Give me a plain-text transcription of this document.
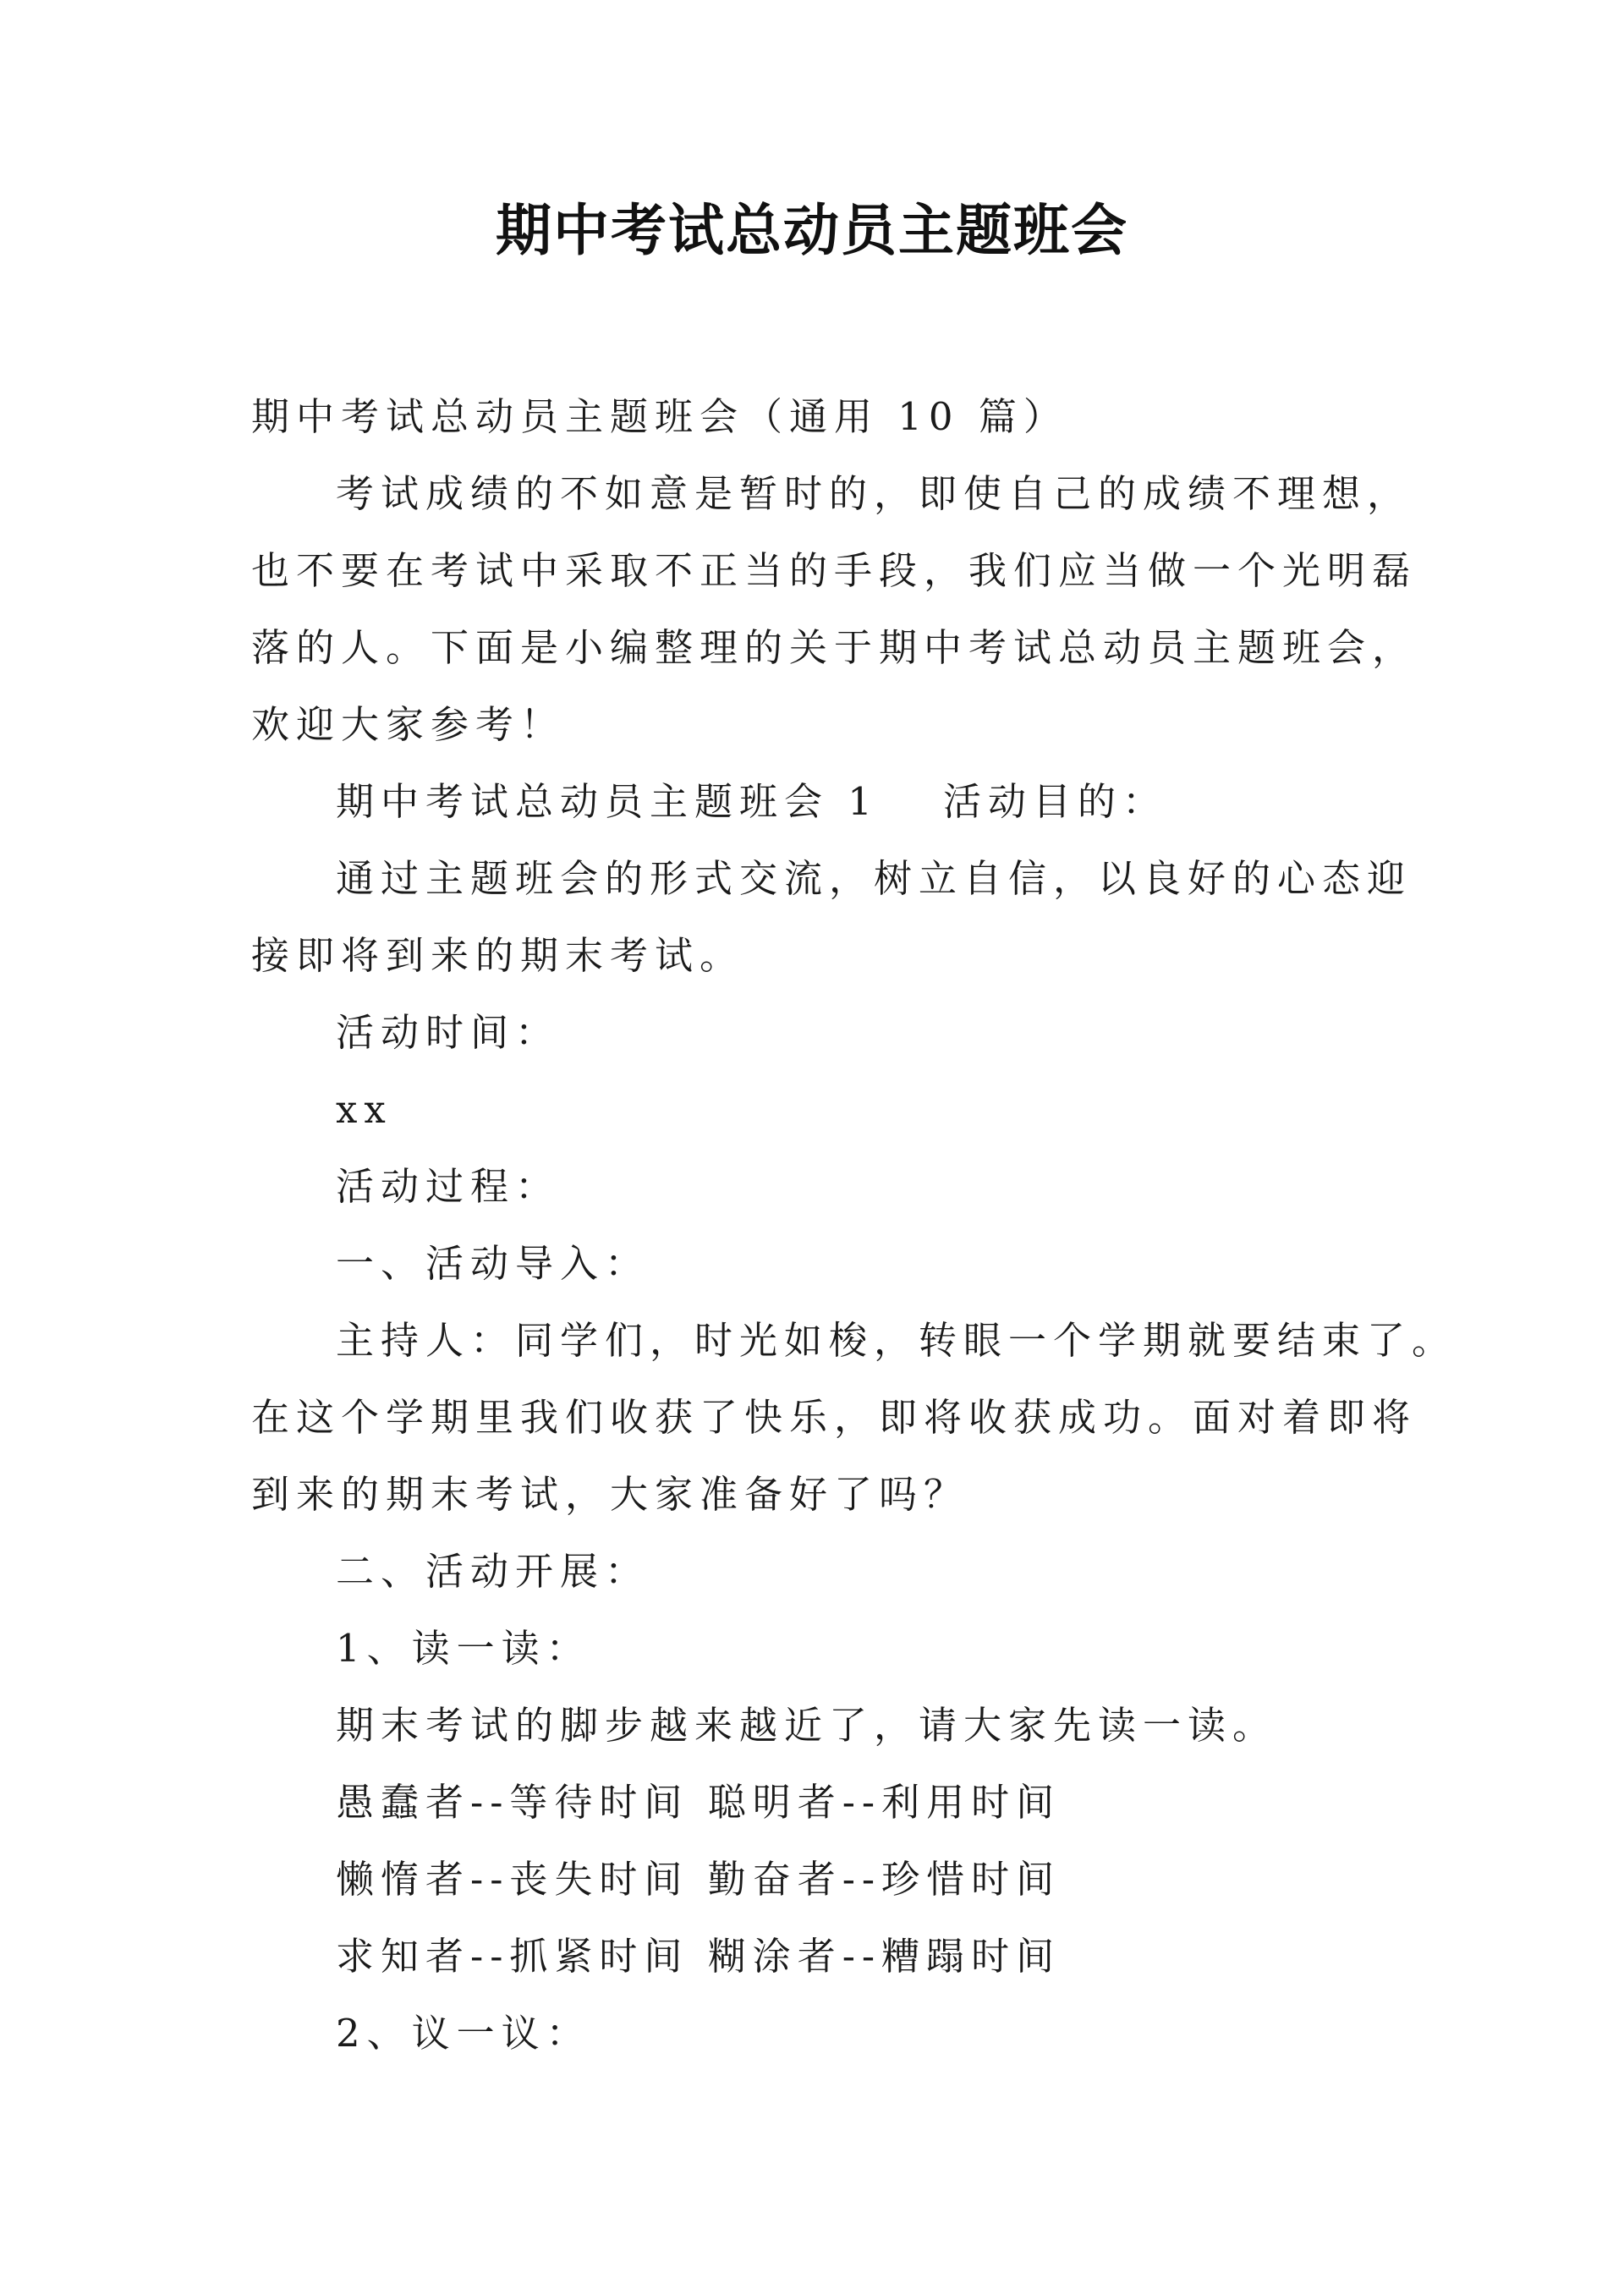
期中考试总动员主题班会

期中考试总动员主题班会（通用 10 篇）

考试成绩的不如意是暂时的，即使自己的成绩不理想，

也不要在考试中采取不正当的手段，我们应当做一个光明磊

落的人。下面是小编整理的关于期中考试总动员主题班会，

欢迎大家参考！

期中考试总动员主题班会 1 活动目的：

通过主题班会的形式交流，树立自信，以良好的心态迎

接即将到来的期末考试。

活动时间：

xx

活动过程：

一、活动导入：

主持人：同学们，时光如梭，转眼一个学期就要结束了。

在这个学期里我们收获了快乐，即将收获成功。面对着即将

到来的期末考试，大家准备好了吗？

二、活动开展：

1、读一读：

期末考试的脚步越来越近了，请大家先读一读。

愚蠢者--等待时间 聪明者--利用时间

懒惰者--丧失时间 勤奋者--珍惜时间

求知者--抓紧时间 糊涂者--糟蹋时间

2、议一议：
